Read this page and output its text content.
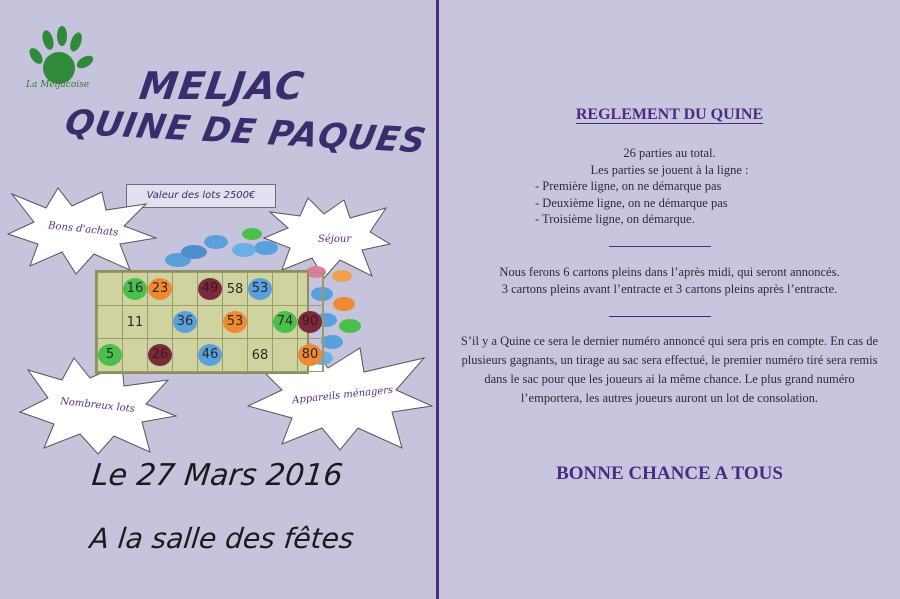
La Meljacoise MELJAC
QUINE DE PAQUES
Valeur des lots 2500€
Bons d'achats
Séjour
Nombreux lots	Appareils ménagers
	16	23		49	58	53			
	11		36		53		74	90	
5		26		46		68		80	
Le 27 Mars 2016
A la salle des fêtes
REGLEMENT DU QUINE
26 parties au total.
Les parties se jouent à la ligne :
- Première ligne, on ne démarque pas
- Deuxième ligne, on ne démarque pas
- Troisième ligne, on démarque.
Nous ferons 6 cartons pleins dans l’après midi, qui seront annoncés.
3 cartons pleins avant l’entracte et 3 cartons pleins après l’entracte.
S’il y a Quine ce sera le dernier numéro annoncé qui sera pris en compte. En cas de plusieurs gagnants, un tirage au sac sera effectué, le premier numéro tiré sera remis dans le sac pour que les joueurs ai la même chance. Le plus grand numéro l’emportera, les autres joueurs auront un lot de consolation.
BONNE CHANCE A TOUS
